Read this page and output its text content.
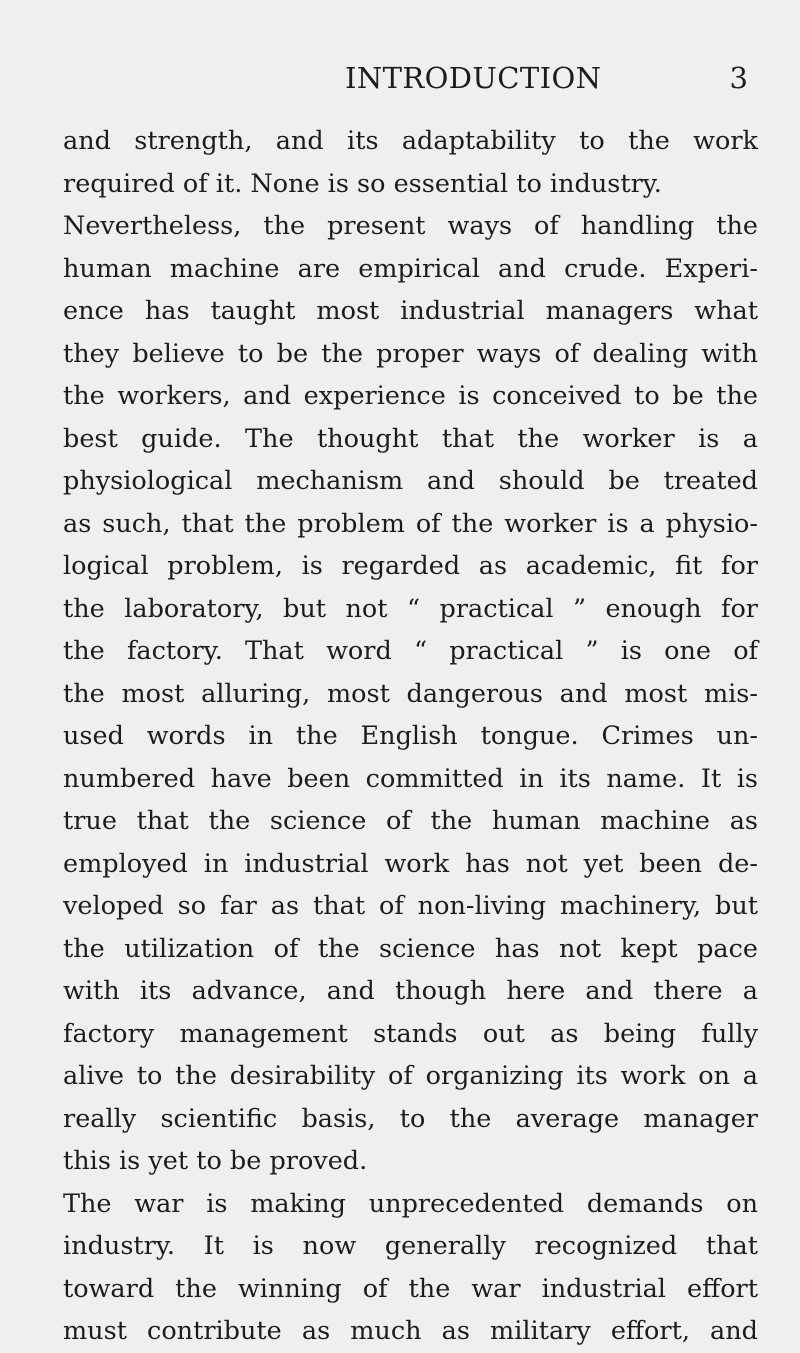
INTRODUCTION	3
and strength, and its adaptability to the work
required of it. None is so essential to industry.
Nevertheless, the present ways of handling the
human machine are empirical and crude. Experi-
ence has taught most industrial managers what
they believe to be the proper ways of dealing with
the workers, and experience is conceived to be the
best guide. The thought that the worker is a
physiological mechanism and should be treated
as such, that the problem of the worker is a physio-
logical problem, is regarded as academic, fit for
the laboratory, but not “ practical ” enough for
the factory. That word “ practical ” is one of
the most alluring, most dangerous and most mis-
used words in the English tongue. Crimes un-
numbered have been committed in its name. It is
true that the science of the human machine as
employed in industrial work has not yet been de-
veloped so far as that of non-living machinery, but
the utilization of the science has not kept pace
with its advance, and though here and there a
factory management stands out as being fully
alive to the desirability of organizing its work on a
really scientific basis, to the average manager
this is yet to be proved.
The war is making unprecedented demands on
industry. It is now generally recognized that
toward the winning of the war industrial effort
must contribute as much as military effort, and
